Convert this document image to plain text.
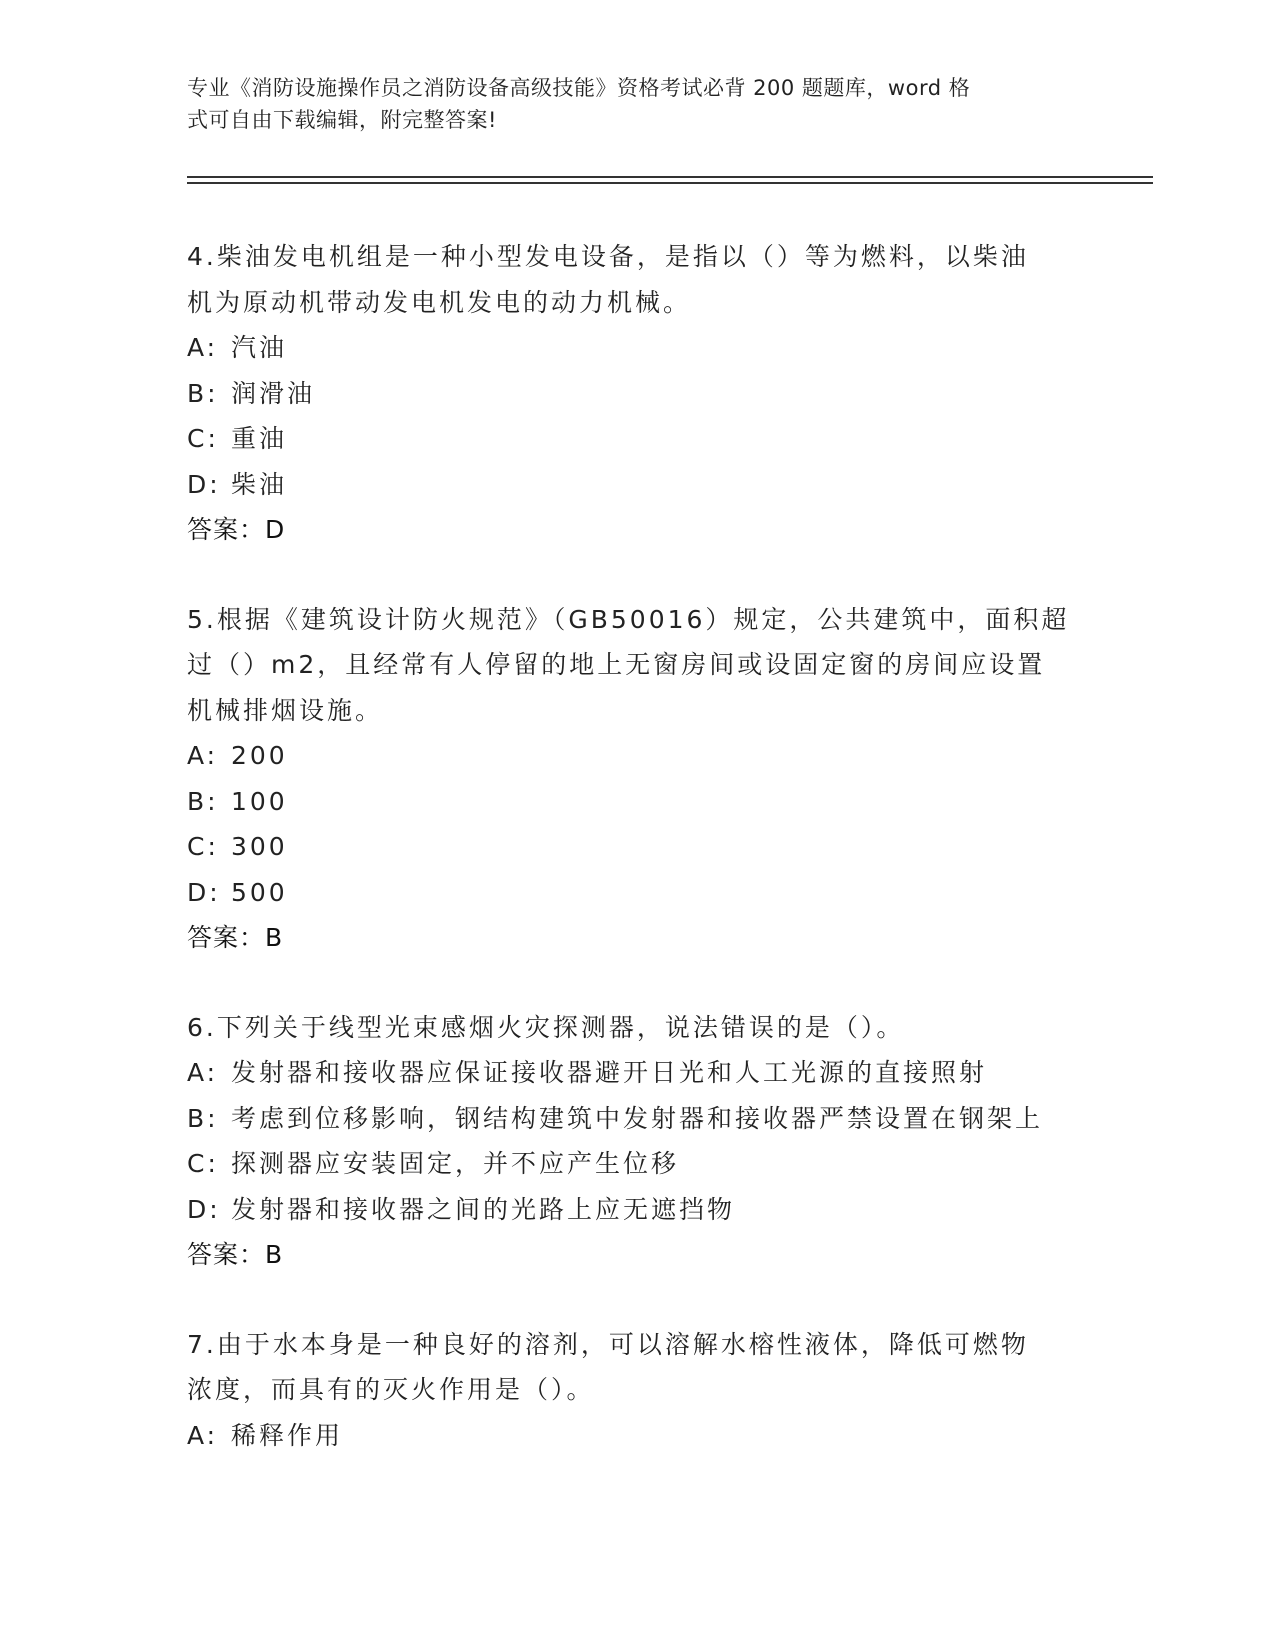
专业《消防设施操作员之消防设备高级技能》资格考试必背 200 题题库，word 格
式可自由下载编辑，附完整答案!
4.柴油发电机组是一种小型发电设备，是指以（）等为燃料，以柴油
机为原动机带动发电机发电的动力机械。
A: 汽油
B: 润滑油
C: 重油
D: 柴油
答案：D
5.根据《建筑设计防火规范》（GB50016）规定，公共建筑中，面积超
过（）m2，且经常有人停留的地上无窗房间或设固定窗的房间应设置
机械排烟设施。
A: 200
B: 100
C: 300
D: 500
答案：B
6.下列关于线型光束感烟火灾探测器，说法错误的是（）。
A: 发射器和接收器应保证接收器避开日光和人工光源的直接照射
B: 考虑到位移影响，钢结构建筑中发射器和接收器严禁设置在钢架上
C: 探测器应安装固定，并不应产生位移
D: 发射器和接收器之间的光路上应无遮挡物
答案：B
7.由于水本身是一种良好的溶剂，可以溶解水榕性液体，降低可燃物
浓度，而具有的灭火作用是（）。
A: 稀释作用
